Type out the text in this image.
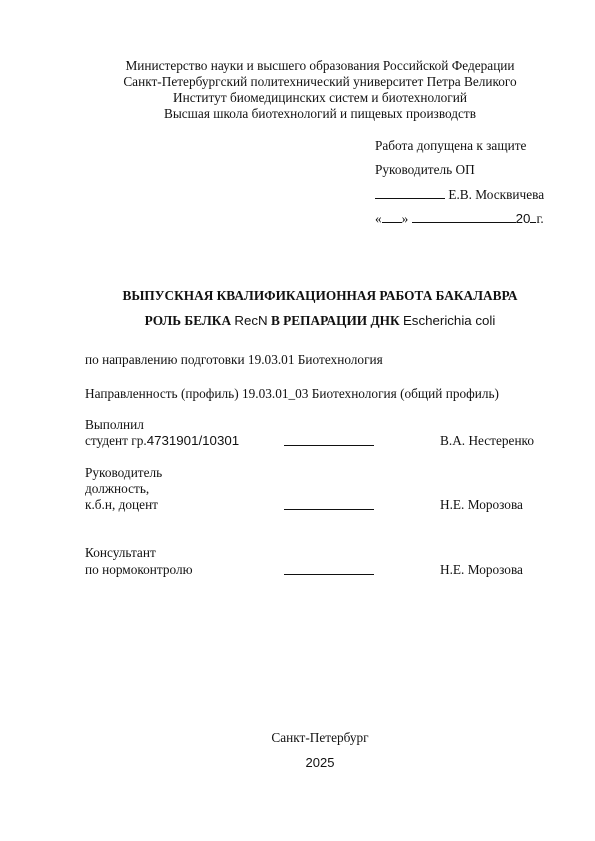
Министерство науки и высшего образования Российской Федерации
Санкт-Петербургский политехнический университет Петра Великого
Институт биомедицинских систем и биотехнологий
Высшая школа биотехнологий и пищевых производств
Работа допущена к защите
Руководитель ОП
Е.В. Москвичева
« »	20 г.
ВЫПУСКНАЯ КВАЛИФИКАЦИОННАЯ РАБОТА БАКАЛАВРА
РОЛЬ БЕЛКА RecN В РЕПАРАЦИИ ДНК Escherichia coli
по направлению подготовки 19.03.01 Биотехнология
Направленность (профиль) 19.03.01_03 Биотехнология (общий профиль)
Выполнил
студент гр.4731901/10301	В.А. Нестеренко
Руководитель
должность,
к.б.н, доцент	Н.Е. Морозова
Консультант
по нормоконтролю	Н.Е. Морозова
Санкт-Петербург
2025
